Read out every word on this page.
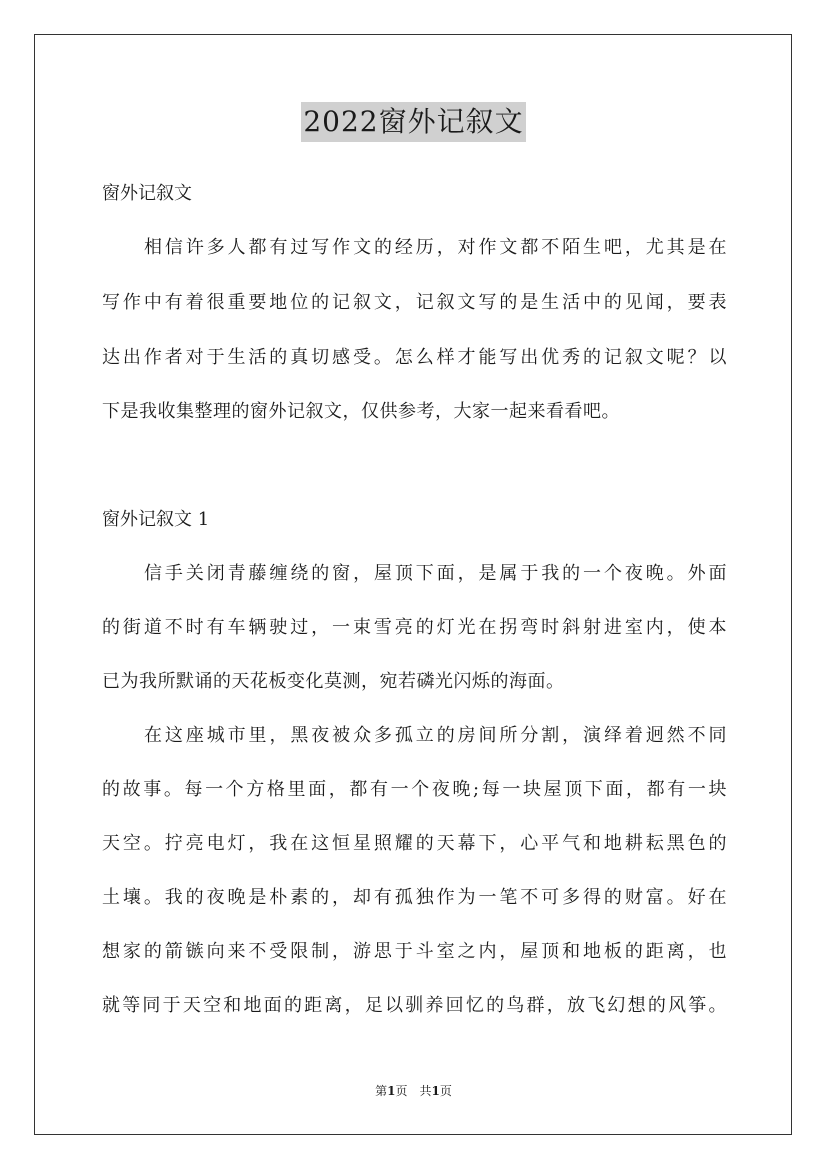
2022窗外记叙文
窗外记叙文
相信许多人都有过写作文的经历，对作文都不陌生吧，尤其是在
写作中有着很重要地位的记叙文，记叙文写的是生活中的见闻，要表
达出作者对于生活的真切感受。怎么样才能写出优秀的记叙文呢？以
下是我收集整理的窗外记叙文，仅供参考，大家一起来看看吧。
窗外记叙文 1
信手关闭青藤缠绕的窗，屋顶下面，是属于我的一个夜晚。外面
的街道不时有车辆驶过，一束雪亮的灯光在拐弯时斜射进室内，使本
已为我所默诵的天花板变化莫测，宛若磷光闪烁的海面。
在这座城市里，黑夜被众多孤立的房间所分割，演绎着迥然不同
的故事。每一个方格里面，都有一个夜晚;每一块屋顶下面，都有一块
天空。拧亮电灯，我在这恒星照耀的天幕下，心平气和地耕耘黑色的
土壤。我的夜晚是朴素的，却有孤独作为一笔不可多得的财富。好在
想家的箭镞向来不受限制，游思于斗室之内，屋顶和地板的距离，也
就等同于天空和地面的距离，足以驯养回忆的鸟群，放飞幻想的风筝。
第1页　共1页
